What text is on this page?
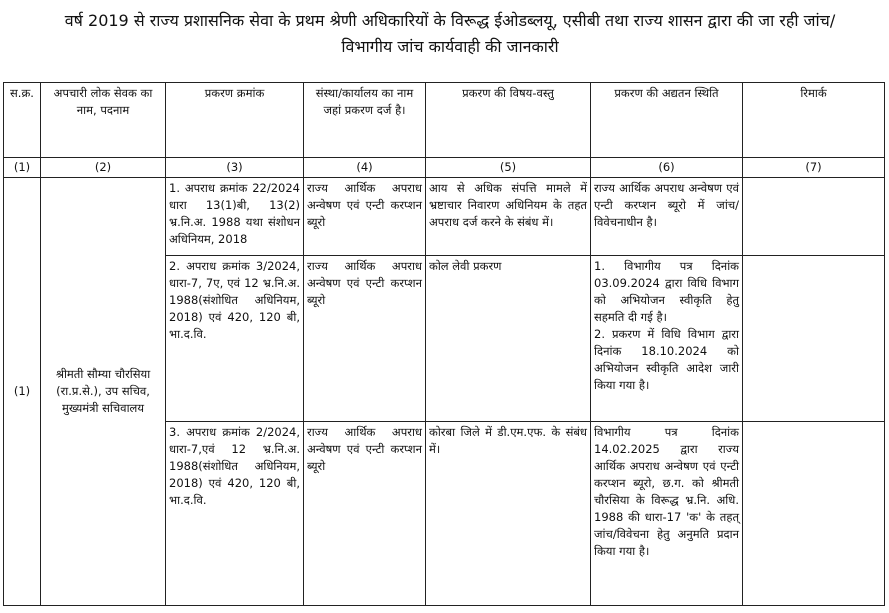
वर्ष 2019 से राज्य प्रशासनिक सेवा के प्रथम श्रेणी अधिकारियों के विरूद्ध ईओडब्लयू, एसीबी तथा राज्य शासन द्वारा की जा रही जांच/विभागीय जांच कार्यवाही की जानकारी
स.क्र.	अपचारी लोक सेवक का नाम, पदनाम	प्रकरण क्रमांक	संस्था/कार्यालय का नाम जहां प्रकरण दर्ज है।	प्रकरण की विषय-वस्तु	प्रकरण की अद्यतन स्थिति	रिमार्क
(1)	(2)	(3)	(4)	(5)	(6)	(7)
(1)	श्रीमती सौम्या चौरसिया (रा.प्र.से.), उप सचिव, मुख्यमंत्री सचिवालय	1. अपराध क्रमांक 22/2024 धारा 13(1)बी, 13(2) भ्र.नि.अ. 1988 यथा संशोधन अधिनियम, 2018	राज्य आर्थिक अपराध अन्वेषण एवं एन्टी करप्शन ब्यूरो	आय से अधिक संपत्ति मामले में भ्रष्टाचार निवारण अधिनियम के तहत अपराध दर्ज करने के संबंध में।	राज्य आर्थिक अपराध अन्वेषण एवं एन्टी करप्शन ब्यूरो में जांच/विवेचनाधीन है।	

		2. अपराध क्रमांक 3/2024, धारा-7, 7ए, एवं 12 भ्र.नि.अ. 1988(संशोधित अधिनियम, 2018) एवं 420, 120 बी, भा.द.वि.	राज्य आर्थिक अपराध अन्वेषण एवं एन्टी करप्शन ब्यूरो	कोल लेवी प्रकरण	1. विभागीय पत्र दिनांक 03.09.2024 द्वारा विधि विभाग को अभियोजन स्वीकृति हेतु सहमति दी गई है।

2. प्रकरण में विधि विभाग द्वारा दिनांक 18.10.2024 को अभियोजन स्वीकृति आदेश जारी किया गया है।	

		3. अपराध क्रमांक 2/2024, धारा-7,एवं 12 भ्र.नि.अ. 1988(संशोधित अधिनियम, 2018) एवं 420, 120 बी, भा.द.वि.	राज्य आर्थिक अपराध अन्वेषण एवं एन्टी करप्शन ब्यूरो	कोरबा जिले में डी.एम.एफ. के संबंध में।	विभागीय पत्र दिनांक 14.02.2025 द्वारा राज्य आर्थिक अपराध अन्वेषण एवं एन्टी करप्शन ब्यूरो, छ.ग. को श्रीमती चौरसिया के विरूद्ध भ्र.नि. अधि. 1988 की धारा-17 'क' के तहत् जांच/विवेचना हेतु अनुमति प्रदान किया गया है।	
